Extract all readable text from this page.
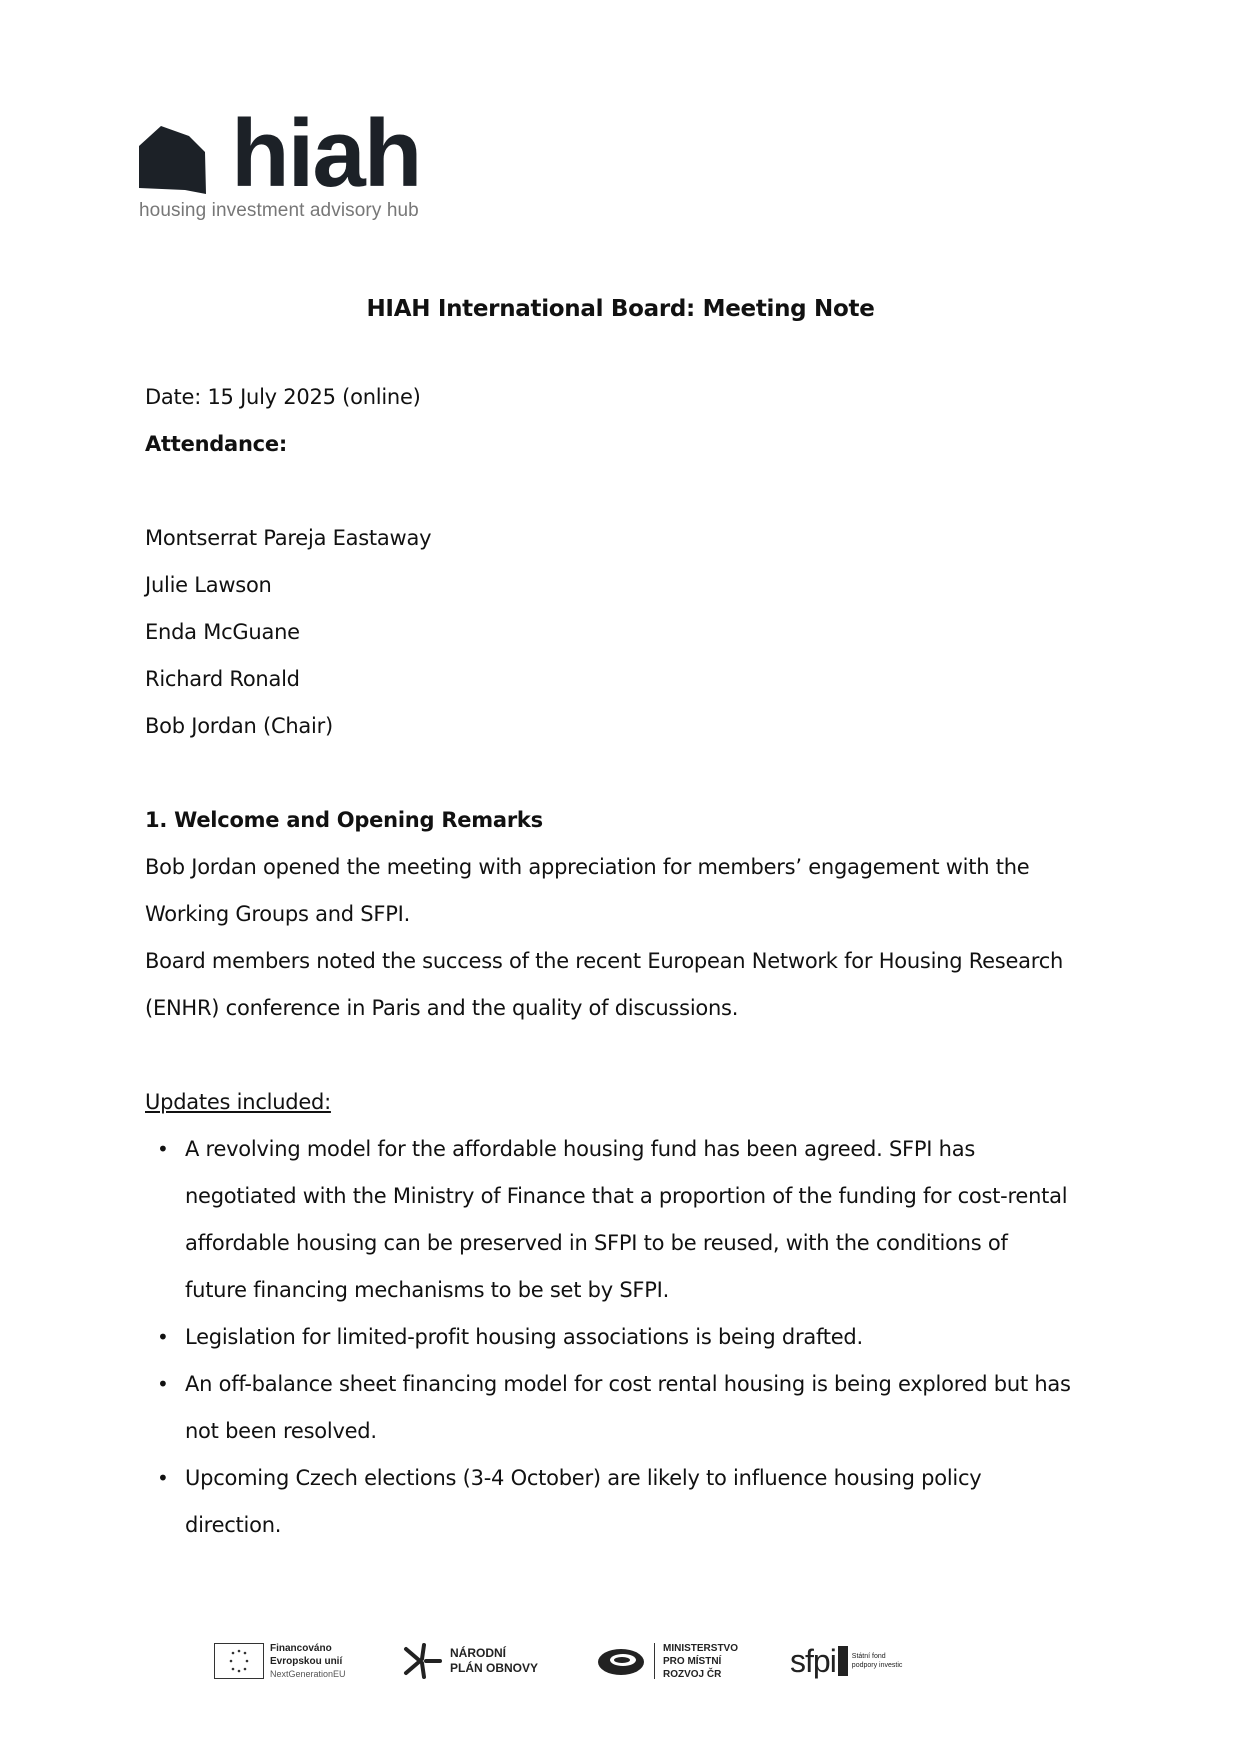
hiah
housing investment advisory hub
HIAH International Board: Meeting Note
Date: 15 July 2025 (online)
Attendance:
Montserrat Pareja Eastaway
Julie Lawson
Enda McGuane
Richard Ronald
Bob Jordan (Chair)
1. Welcome and Opening Remarks
Bob Jordan opened the meeting with appreciation for members’ engagement with the
Working Groups and SFPI.
Board members noted the success of the recent European Network for Housing Research
(ENHR) conference in Paris and the quality of discussions.
Updates included:
• A revolving model for the affordable housing fund has been agreed. SFPI has
negotiated with the Ministry of Finance that a proportion of the funding for cost-rental
affordable housing can be preserved in SFPI to be reused, with the conditions of
future financing mechanisms to be set by SFPI.
• Legislation for limited-profit housing associations is being drafted.
• An off-balance sheet financing model for cost rental housing is being explored but has
not been resolved.
• Upcoming Czech elections (3-4 October) are likely to influence housing policy
direction.
Financováno
Evropskou unií
NextGenerationEU
NÁRODNÍ
PLÁN OBNOVY
MINISTERSTVO
PRO MÍSTNÍ
ROZVOJ ČR	sfpi Státní fond
podpory investic
